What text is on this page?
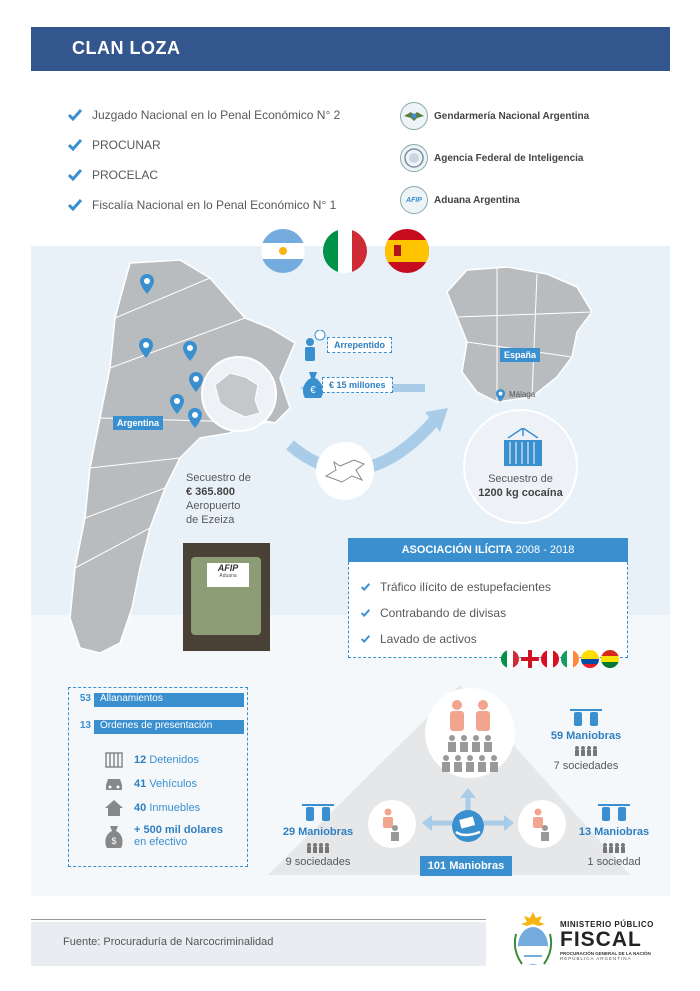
CLAN LOZA
Juzgado Nacional en lo Penal Económico N° 2
PROCUNAR
PROCELAC
Fiscalía Nacional en lo Penal Económico N° 1
Gendarmería Nacional Argentina
Agencia Federal de Inteligencia
AFIP	Aduana Argentina
Argentina
España
Málaga
Arrepentido
€	€ 15 millones
Secuestro de
€ 365.800
Aeropuerto
de Ezeiza
AFIP
Aduana
Secuestro de
1200 kg cocaína
ASOCIACIÓN ILÍCITA 2008 - 2018
Tráfico ilícito de estupefacientes
Contrabando de divisas
Lavado de activos
53 Allanamientos
13 Órdenes de presentación
12
Detenidos
41
Vehículos
40
Inmuebles
$
+ 500 mil dolares
en efectivo
101 Maniobras
59 Maniobras
7 sociedades
29 Maniobras
9 sociedades
13 Maniobras
1 sociedad
Fuente: Procuraduría de Narcocriminalidad
MINISTERIO PÚBLICO
FISCAL
PROCURACIÓN GENERAL DE LA NACIÓN
REPÚBLICA ARGENTINA
